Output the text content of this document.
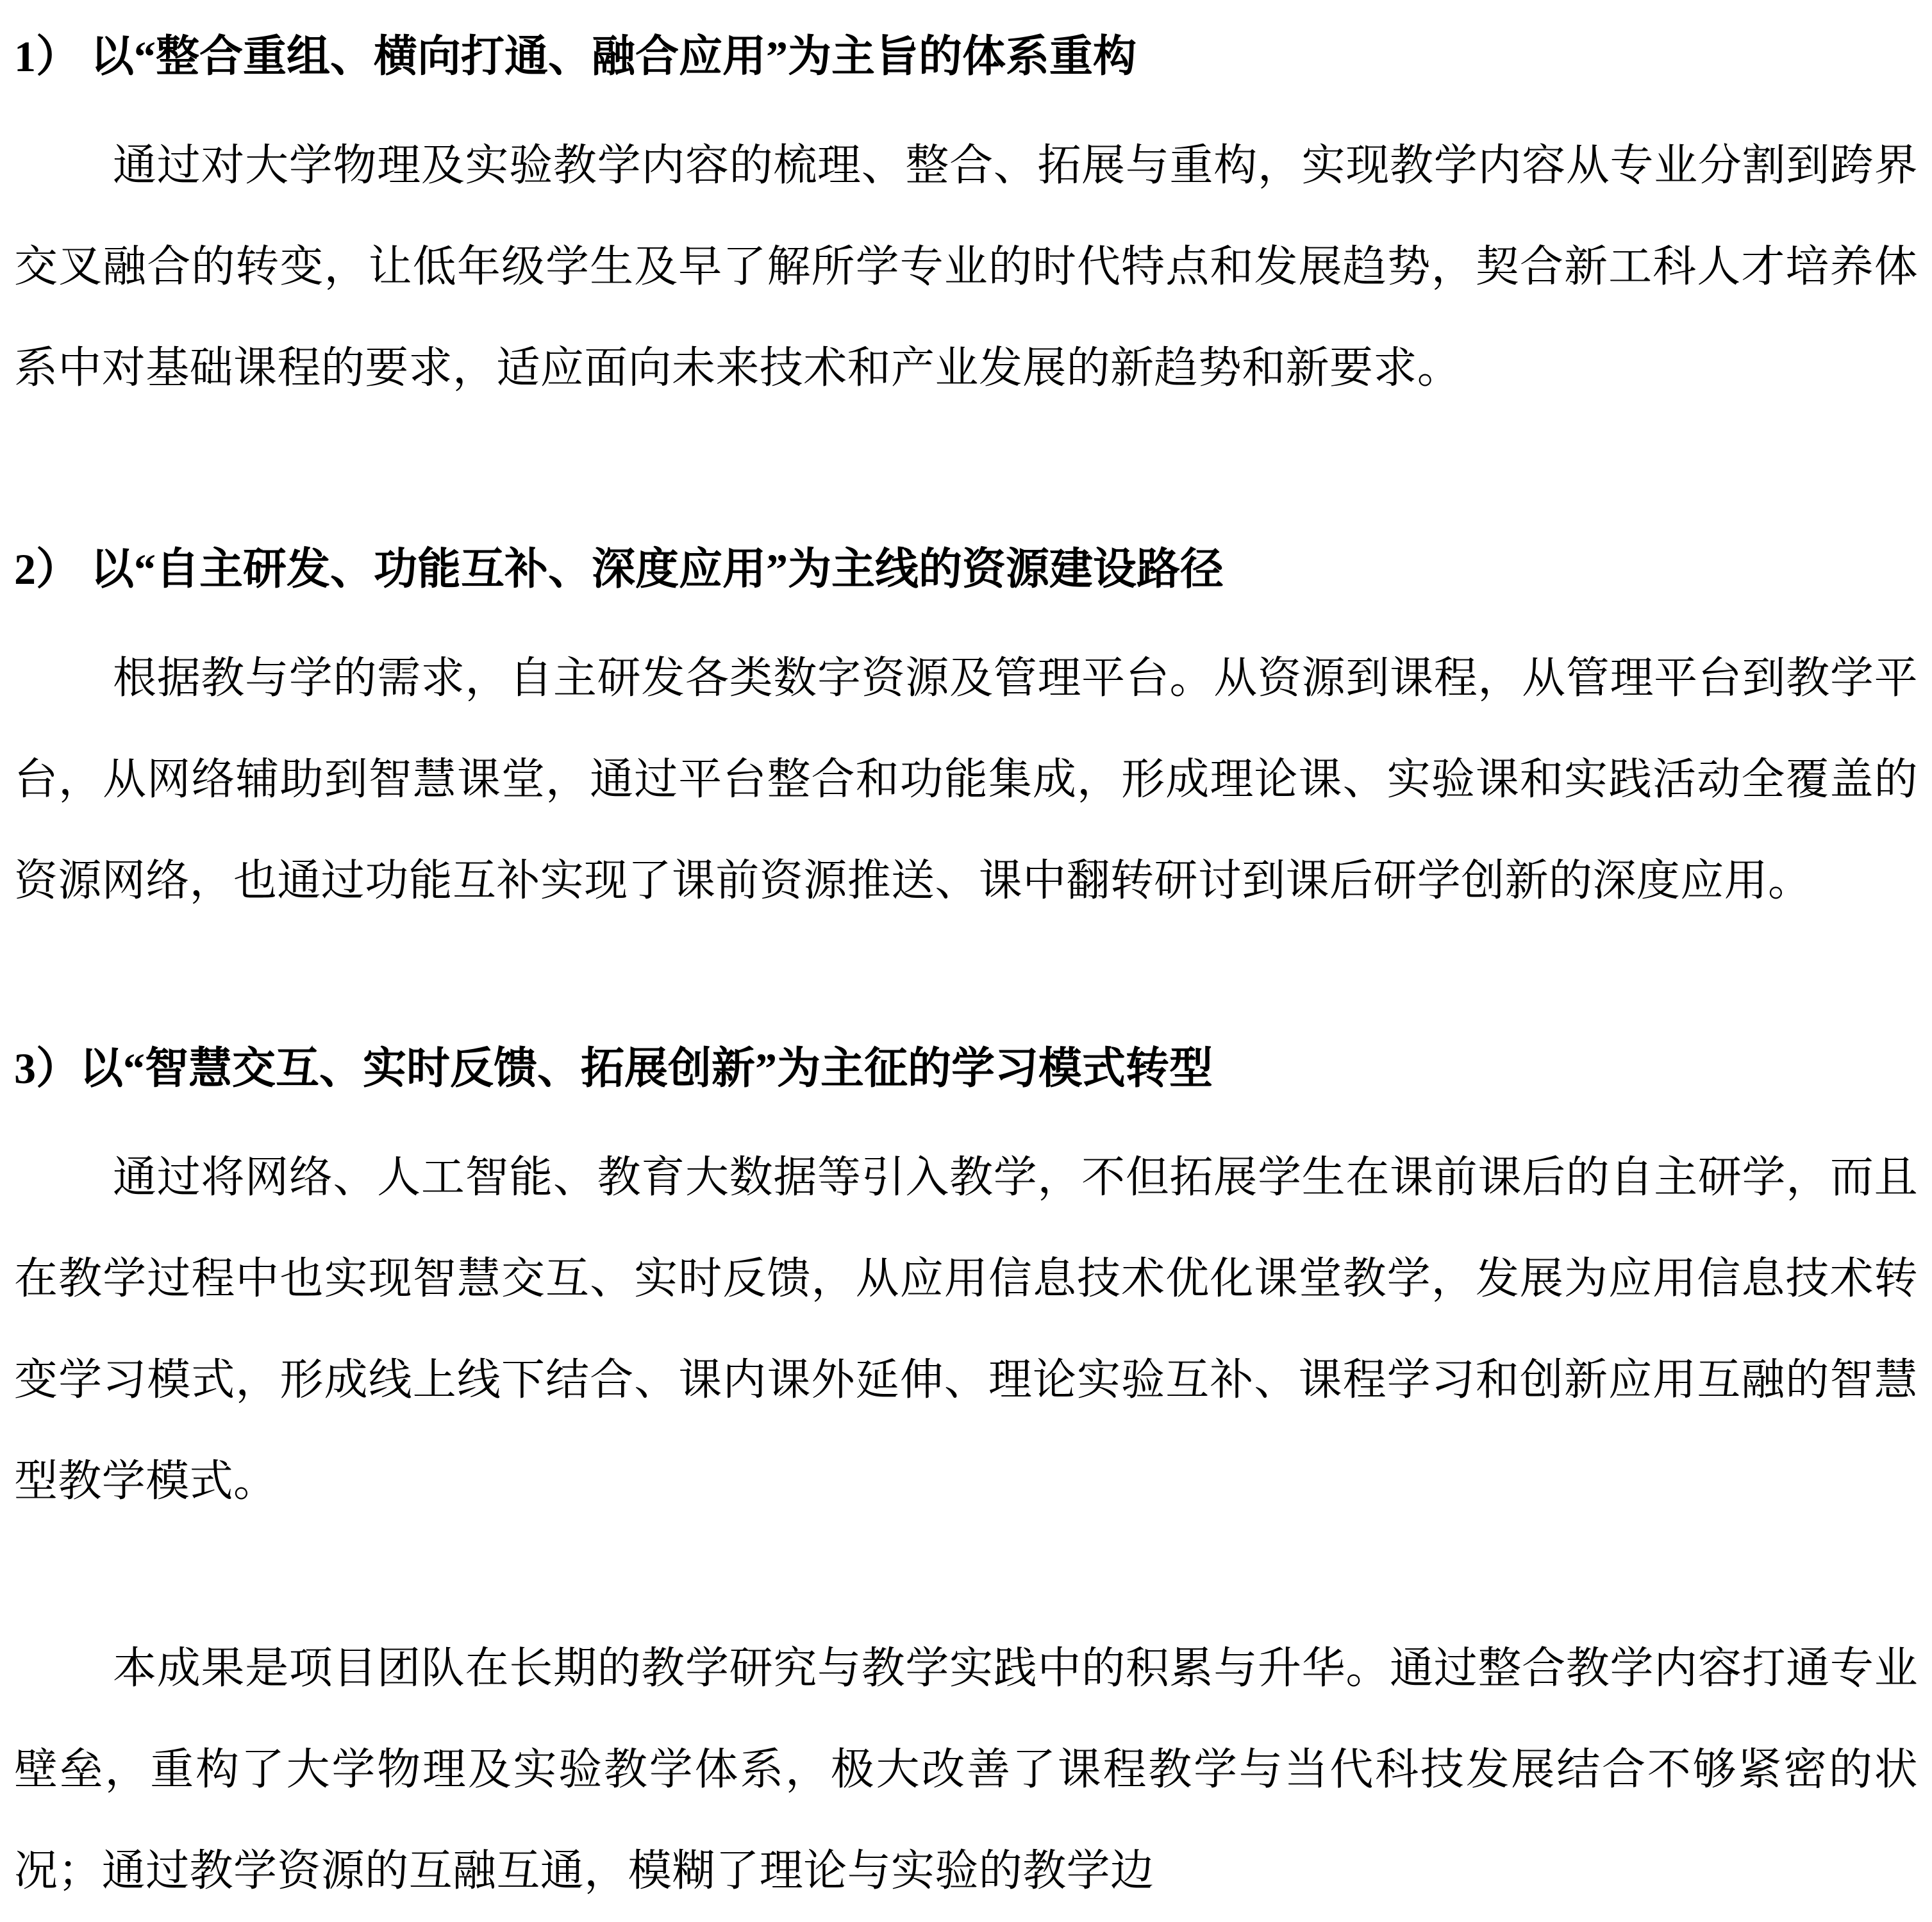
1） 以“整合重组、横向打通、融合应用”为主旨的体系重构

通过对大学物理及实验教学内容的梳理、整合、拓展与重构，实现教学内容从专业分割到跨界交叉融合的转变，让低年级学生及早了解所学专业的时代特点和发展趋势，契合新工科人才培养体系中对基础课程的要求，适应面向未来技术和产业发展的新趋势和新要求。

2） 以“自主研发、功能互补、深度应用”为主线的资源建设路径

根据教与学的需求，自主研发各类数字资源及管理平台。从资源到课程，从管理平台到教学平台，从网络辅助到智慧课堂，通过平台整合和功能集成，形成理论课、实验课和实践活动全覆盖的资源网络，也通过功能互补实现了课前资源推送、课中翻转研讨到课后研学创新的深度应用。

3）以“智慧交互、实时反馈、拓展创新”为主征的学习模式转型

通过将网络、人工智能、教育大数据等引入教学，不但拓展学生在课前课后的自主研学，而且在教学过程中也实现智慧交互、实时反馈，从应用信息技术优化课堂教学，发展为应用信息技术转变学习模式，形成线上线下结合、课内课外延伸、理论实验互补、课程学习和创新应用互融的智慧型教学模式。

本成果是项目团队在长期的教学研究与教学实践中的积累与升华。通过整合教学内容打通专业壁垒，重构了大学物理及实验教学体系，极大改善了课程教学与当代科技发展结合不够紧密的状况；通过教学资源的互融互通，模糊了理论与实验的教学边
